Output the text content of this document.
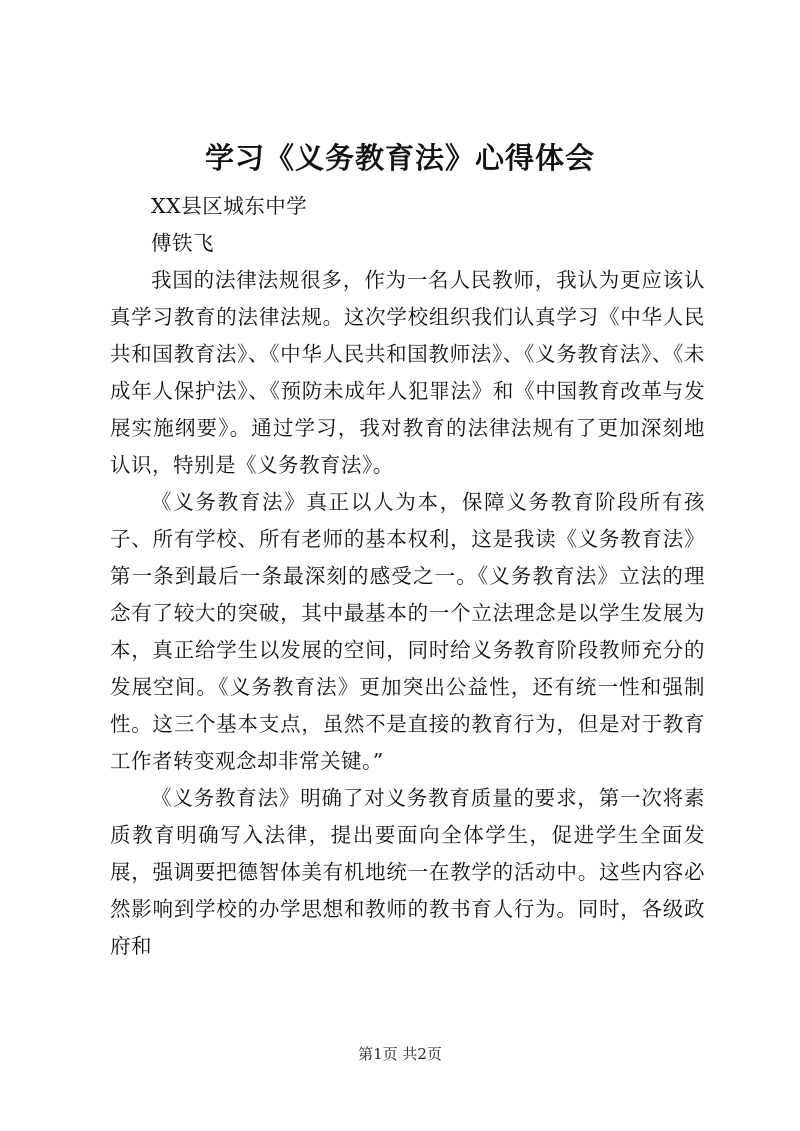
学习《义务教育法》心得体会

XX县区城东中学

傅铁飞

我国的法律法规很多，作为一名人民教师，我认为更应该认真学习教育的法律法规。这次学校组织我们认真学习《中华人民共和国教育法》、《中华人民共和国教师法》、《义务教育法》、《未成年人保护法》、《预防未成年人犯罪法》和《中国教育改革与发展实施纲要》。通过学习，我对教育的法律法规有了更加深刻地认识，特别是《义务教育法》。

《义务教育法》真正以人为本，保障义务教育阶段所有孩子、所有学校、所有老师的基本权利，这是我读《义务教育法》第一条到最后一条最深刻的感受之一。《义务教育法》立法的理念有了较大的突破，其中最基本的一个立法理念是以学生发展为本，真正给学生以发展的空间，同时给义务教育阶段教师充分的发展空间。《义务教育法》更加突出公益性，还有统一性和强制性。这三个基本支点，虽然不是直接的教育行为，但是对于教育工作者转变观念却非常关键。”

《义务教育法》明确了对义务教育质量的要求，第一次将素质教育明确写入法律，提出要面向全体学生，促进学生全面发展，强调要把德智体美有机地统一在教学的活动中。这些内容必然影响到学校的办学思想和教师的教书育人行为。同时，各级政府和

第1页 共2页
